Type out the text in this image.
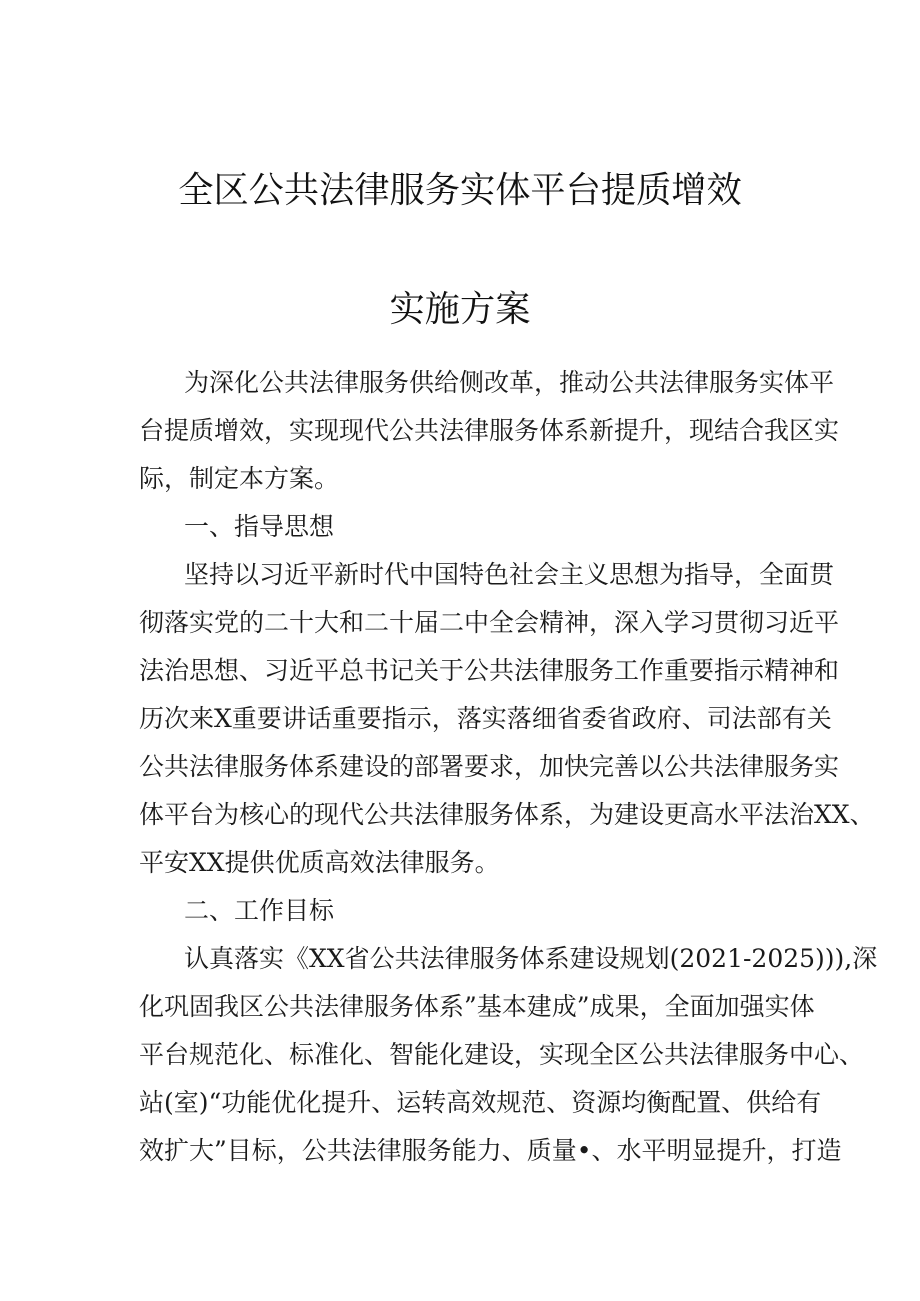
全区公共法律服务实体平台提质增效
实施方案

为深化公共法律服务供给侧改革，推动公共法律服务实体平

台提质增效，实现现代公共法律服务体系新提升，现结合我区实

际，制定本方案。

一、指导思想

坚持以习近平新时代中国特色社会主义思想为指导，全面贯

彻落实党的二十大和二十届二中全会精神，深入学习贯彻习近平

法治思想、习近平总书记关于公共法律服务工作重要指示精神和

历次来X重要讲话重要指示，落实落细省委省政府、司法部有关

公共法律服务体系建设的部署要求，加快完善以公共法律服务实

体平台为核心的现代公共法律服务体系，为建设更高水平法治XX、

平安XX提供优质高效法律服务。

二、工作目标

认真落实《XX省公共法律服务体系建设规划(2021-2025))),深

化巩固我区公共法律服务体系”基本建成”成果，全面加强实体

平台规范化、标准化、智能化建设，实现全区公共法律服务中心、

站(室)“功能优化提升、运转高效规范、资源均衡配置、供给有

效扩大”目标，公共法律服务能力、质量•、水平明显提升，打造
